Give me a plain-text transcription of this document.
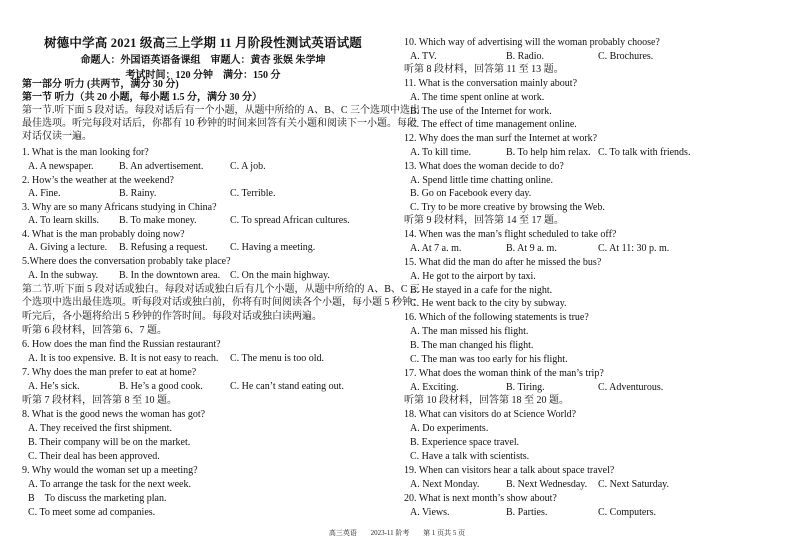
树德中学高 2021 级高三上学期 11 月阶段性测试英语试题
命题人：外国语英语备课组　审题人：黄杏 张娱 朱学坤
考试时间：120 分钟　满分：150 分
第一部分 听力 (共两节，满分 30 分)
第一节 听力（共 20 小题，每小题 1.5 分，满分 30 分）
第一节.听下面 5 段对话。每段对话后有一个小题，从题中所给的 A、B、C 三个选项中选出
最佳选项。听完每段对话后，你都有 10 秒钟的时间来回答有关小题和阅读下一小题。每段
对话仅读一遍。
1. What is the man looking for?
A. A newspaper.	B. An advertisement.	C. A job.
2. How’s the weather at the weekend?
A. Fine.	B. Rainy.	C. Terrible.
3. Why are so many Africans studying in China?
A. To learn skills. B. To make money.	C. To spread African cultures.
4. What is the man probably doing now?
A. Giving a lecture. B. Refusing a request. C. Having a meeting.
5.Where does the conversation probably take place?
A. In the subway. B. In the downtown area. C. On the main highway.
第二节.听下面 5 段对话或独白。每段对话或独白后有几个小题，从题中所给的 A、B、C 三
个选项中选出最佳选项。听每段对话或独白前，你将有时间阅读各个小题，每小题 5 秒钟；
听完后，各小题将给出 5 秒钟的作答时间。每段对话或独白读两遍。
听第 6 段材料，回答第 6、7 题。
6. How does the man find the Russian restaurant?
A. It is too expensive. B. It is not easy to reach. C. The menu is too old.
7. Why does the man prefer to eat at home?
A. He’s sick.	B. He’s a good cook.	C. He can’t stand eating out.
听第 7 段材料，回答第 8 至 10 题。
8. What is the good news the woman has got?
A. They received the first shipment.
B. Their company will be on the market.
C. Their deal has been approved.
9. Why would the woman set up a meeting?
A. To arrange the task for the next week.
B　To discuss the marketing plan.
C. To meet some ad companies.
10. Which way of advertising will the woman probably choose?
A. TV.	B. Radio.	C. Brochures.
听第 8 段材料，回答第 11 至 13 题。
11. What is the conversation mainly about?
A. The time spent online at work.
B. The use of the Internet for work.
C. The effect of time management online.
12. Why does the man surf the Internet at work?
A. To kill time.	B. To help him relax. C. To talk with friends.
13. What does the woman decide to do?
A. Spend little time chatting online.
B. Go on Facebook every day.
C. Try to be more creative by browsing the Web.
听第 9 段材料，回答第 14 至 17 题。
14. When was the man’s flight scheduled to take off?
A. At 7 a. m.	B. At 9 a. m.	C. At 11: 30 p. m.
15. What did the man do after he missed the bus?
A. He got to the airport by taxi.
B. He stayed in a cafe for the night.
C. He went back to the city by subway.
16. Which of the following statements is true?
A. The man missed his flight.
B. The man changed his flight.
C. The man was too early for his flight.
17. What does the woman think of the man’s trip?
A. Exciting.	B. Tiring.	C. Adventurous.
听第 10 段材料，回答第 18 至 20 题。
18. What can visitors do at Science World?
A. Do experiments.
B. Experience space travel.
C. Have a talk with scientists.
19. When can visitors hear a talk about space travel?
A. Next Monday.	B. Next Wednesday. C. Next Saturday.
20. What is next month’s show about?
A. Views.	B. Parties.	C. Computers.
高三英语 2023-11 阶考 第 1 页共 5 页
